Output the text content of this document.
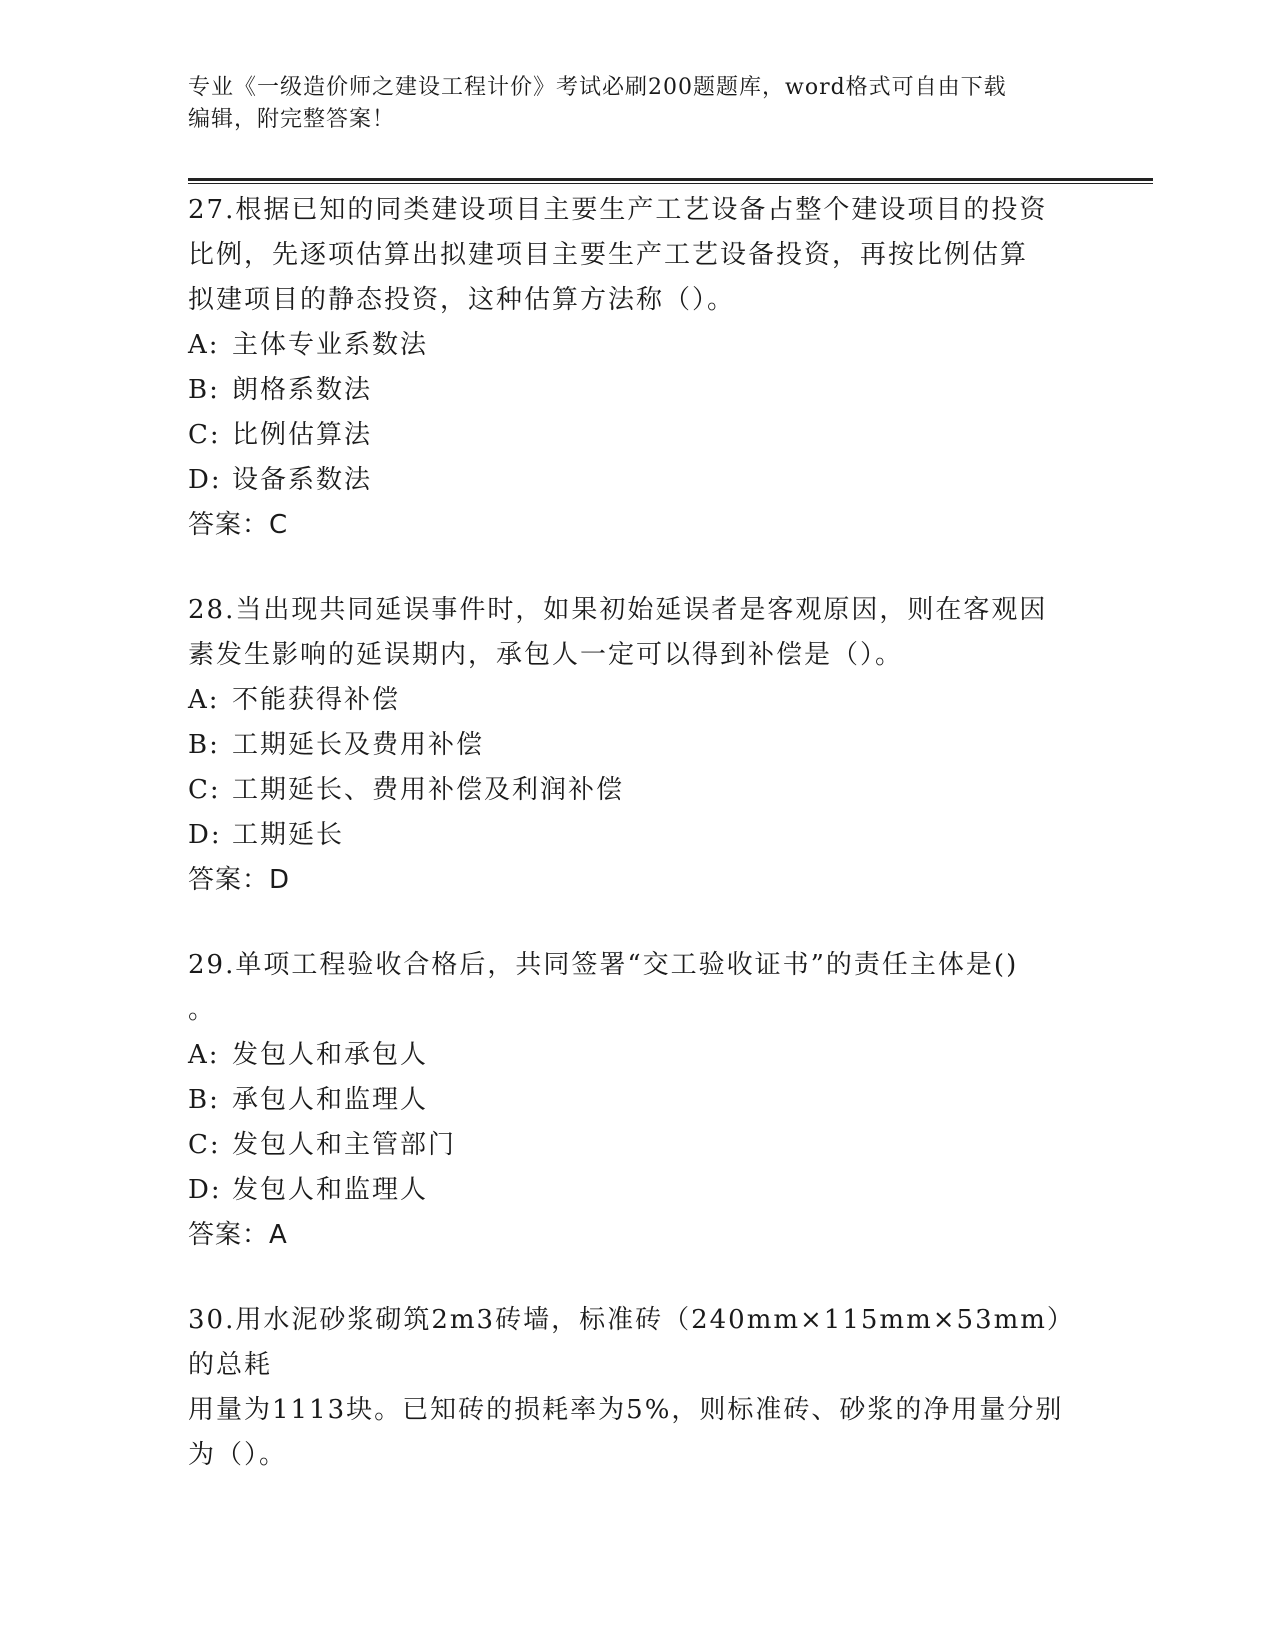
专业《一级造价师之建设工程计价》考试必刷200题题库，word格式可自由下载
编辑，附完整答案！

27.根据已知的同类建设项目主要生产工艺设备占整个建设项目的投资

比例，先逐项估算出拟建项目主要生产工艺设备投资，再按比例估算

拟建项目的静态投资，这种估算方法称（）。

A: 主体专业系数法

B: 朗格系数法

C: 比例估算法

D: 设备系数法

答案：C

28.当出现共同延误事件时，如果初始延误者是客观原因，则在客观因

素发生影响的延误期内，承包人一定可以得到补偿是（）。

A: 不能获得补偿

B: 工期延长及费用补偿

C: 工期延长、费用补偿及利润补偿

D: 工期延长

答案：D

29.单项工程验收合格后，共同签署“交工验收证书”的责任主体是()

。

A: 发包人和承包人

B: 承包人和监理人

C: 发包人和主管部门

D: 发包人和监理人

答案：A

30.用水泥砂浆砌筑2m3砖墙，标准砖（240mm×115mm×53mm）的总耗

用量为1113块。已知砖的损耗率为5%，则标准砖、砂浆的净用量分别

为（）。
